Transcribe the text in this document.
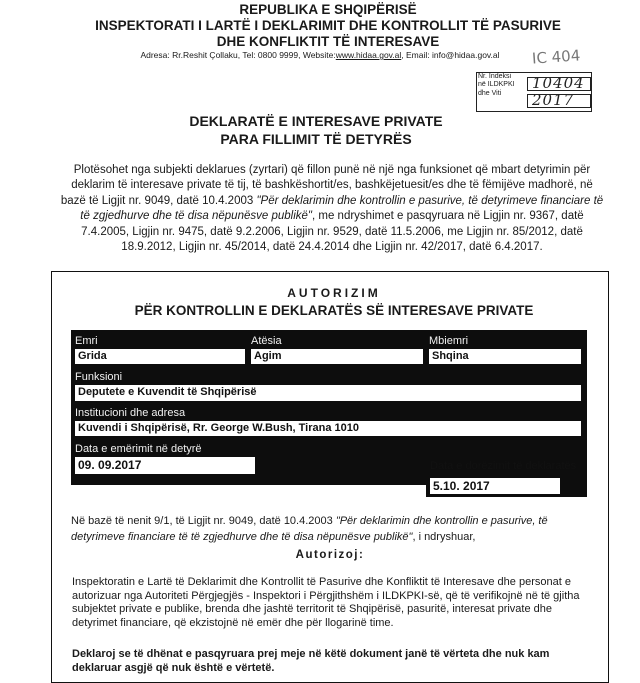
REPUBLIKA E SHQIPËRISË
INSPEKTORATI I LARTË I DEKLARIMIT DHE KONTROLLIT TË PASURIVE
DHE KONFLIKTIT TË INTERESAVE
Adresa: Rr.Reshit Çollaku, Tel: 0800 9999, Website:www.hidaa.gov.al, Email: info@hidaa.gov.al	IC 404
Nr. Indeksi
në ILDKPKI
dhe Viti
10404
2017
DEKLARATË E INTERESAVE PRIVATE
PARA FILLIMIT TË DETYRËS
Plotësohet nga subjekti deklarues (zyrtari) që fillon punë në një nga funksionet që mbart detyrimin për deklarim të interesave private të tij, të bashkëshortit/es, bashkëjetuesit/es dhe të fëmijëve madhorë, në bazë të Ligjit nr. 9049, datë 10.4.2003 "Për deklarimin dhe kontrollin e pasurive, të detyrimeve financiare të të zgjedhurve dhe të disa nëpunësve publikë", me ndryshimet e pasqyruara në Ligjin nr. 9367, datë 7.4.2005, Ligjin nr. 9475, datë 9.2.2006, Ligjin nr. 9529, datë 11.5.2006, me Ligjin nr. 85/2012, datë 18.9.2012, Ligjin nr. 45/2014, datë 24.4.2014 dhe Ligjin nr. 42/2017, datë 6.4.2017.
AUTORIZIM
PËR KONTROLLIN E DEKLARATËS SË INTERESAVE PRIVATE
Emri	Atësia	Mbiemri
Grida	Agim	Shqina
Funksioni
Deputete e Kuvendit të Shqipërisë
Institucioni dhe adresa
Kuvendi i Shqipërisë, Rr. George W.Bush, Tirana 1010
Data e emërimit në detyrë
09. 09.2017	Data e dorëzimit të deklaratës
5.10. 2017
Në bazë të nenit 9/1, të Ligjit nr. 9049, datë 10.4.2003 "Për deklarimin dhe kontrollin e pasurive, të detyrimeve financiare të të zgjedhurve dhe të disa nëpunësve publikë", i ndryshuar,
Autorizoj:
Inspektoratin e Lartë të Deklarimit dhe Kontrollit të Pasurive dhe Konfliktit të Interesave dhe personat e autorizuar nga Autoriteti Përgjegjës - Inspektori i Përgjithshëm i ILDKPKI-së, që të verifikojnë në të gjitha subjektet private e publike, brenda dhe jashtë territorit të Shqipërisë, pasuritë, interesat private dhe detyrimet financiare, që ekzistojnë në emër dhe për llogarinë time.
Deklaroj se të dhënat e pasqyruara prej meje në këtë dokument janë të vërteta dhe nuk kam deklaruar asgjë që nuk është e vërtetë.
